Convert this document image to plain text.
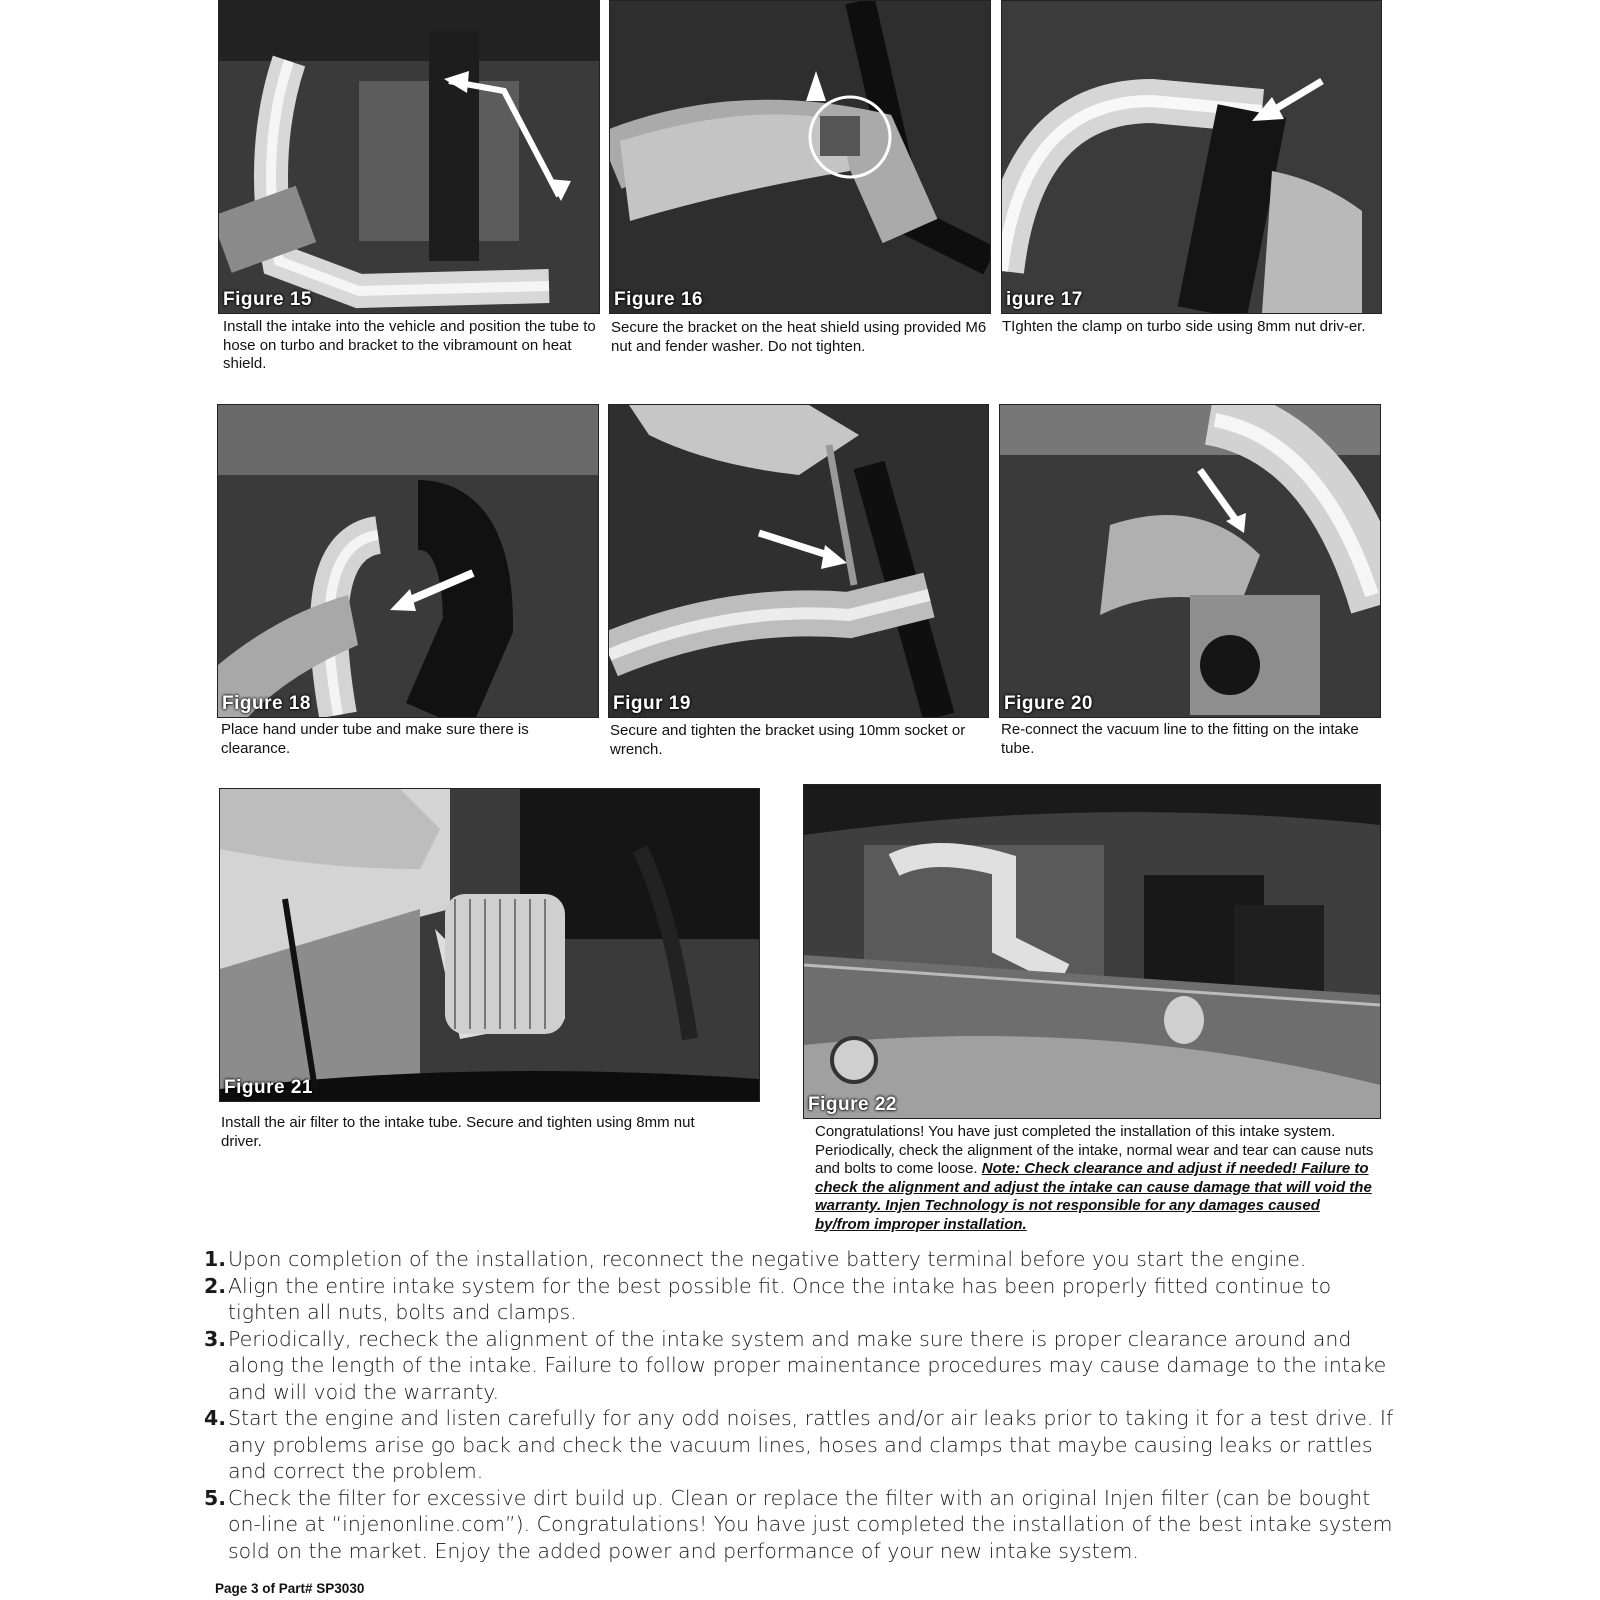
Figure 15	Figure 16	igure 17
Install the intake into the vehicle and position the tube to hose on turbo and bracket to the vibramount on heat shield.
Secure the bracket on the heat shield using provided M6 nut and fender washer. Do not tighten.
TIghten the clamp on turbo side using 8mm nut driv-er.
Figure 18	Figur 19	Figure 20
Place hand under tube and make sure there is clearance.
Secure and tighten the bracket using 10mm socket or wrench.
Re-connect the vacuum line to the fitting on the intake tube.
Figure 21
Figure 22
Install the air filter to the intake tube. Secure and tighten using 8mm nut driver.
Congratulations! You have just completed the installation of this intake system. Periodically, check the alignment of the intake, normal wear and tear can cause nuts and bolts to come loose. Note: Check clearance and adjust if needed! Failure to check the alignment and adjust the intake can cause damage that will void the warranty. Injen Technology is not responsible for any damages caused by/from improper installation.
1. Upon completion of the installation, reconnect the negative battery terminal before you start the engine.
2. Align the entire intake system for the best possible fit. Once the intake has been properly fitted continue to tighten all nuts, bolts and clamps.
3. Periodically, recheck the alignment of the intake system and make sure there is proper clearance around and along the length of the intake. Failure to follow proper mainentance procedures may cause damage to the intake and will void the warranty.
4. Start the engine and listen carefully for any odd noises, rattles and/or air leaks prior to taking it for a test drive. If any problems arise go back and check the vacuum lines, hoses and clamps that maybe causing leaks or rattles and correct the problem.
5. Check the filter for excessive dirt build up. Clean or replace the filter with an original Injen filter (can be bought on-line at “injenonline.com”). Congratulations! You have just completed the installation of the best intake system sold on the market. Enjoy the added power and performance of your new intake system.
Page 3 of Part# SP3030
